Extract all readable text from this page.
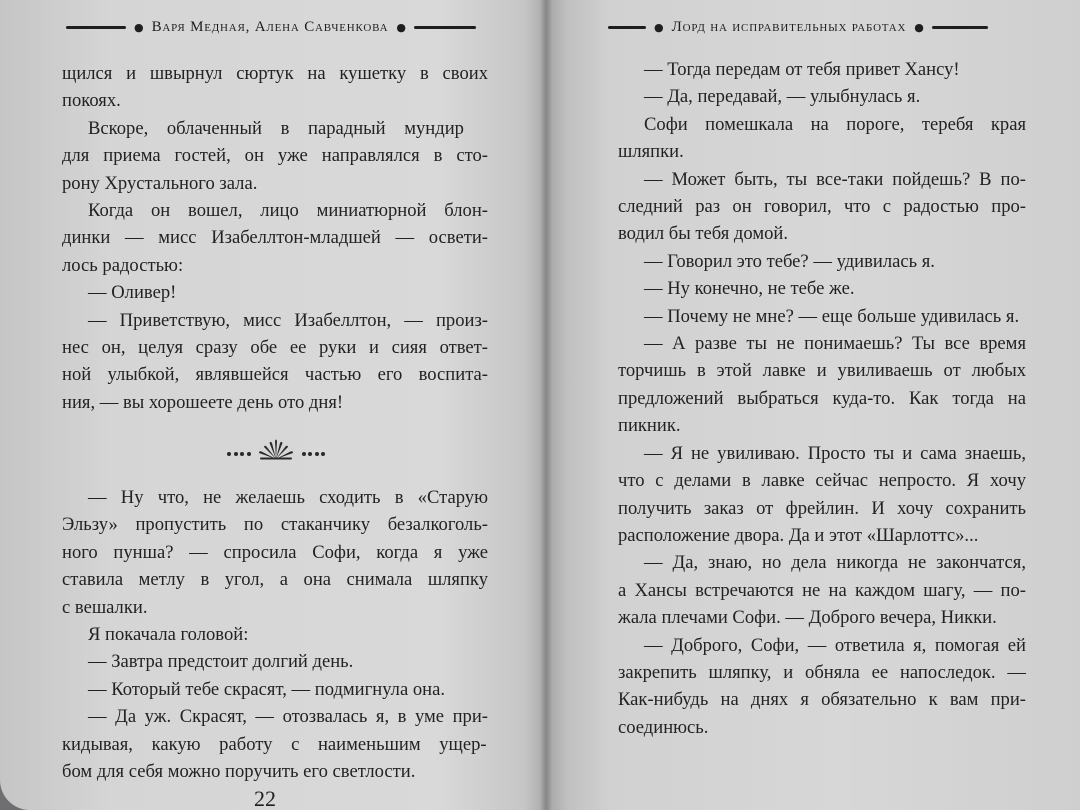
● Варя Медная, Алена Савченкова ●

щился и швырнул сюртук на кушетку в своих

покоях.

Вскоре, облаченный в парадный мундир

для приема гостей, он уже направлялся в сто-

рону Хрустального зала.

Когда он вошел, лицо миниатюрной блон-

динки — мисс Изабеллтон-младшей — освети-

лось радостью:

— Оливер!

— Приветствую, мисс Изабеллтон, — произ-

нес он, целуя сразу обе ее руки и сияя ответ-

ной улыбкой, являвшейся частью его воспита-

ния, — вы хорошеете день ото дня!

— Ну что, не желаешь сходить в «Старую

Эльзу» пропустить по стаканчику безалкоголь-

ного пунша? — спросила Софи, когда я уже

ставила метлу в угол, а она снимала шляпку

с вешалки.

Я покачала головой:

— Завтра предстоит долгий день.

— Который тебе скрасят, — подмигнула она.

— Да уж. Скрасят, — отозвалась я, в уме при-

кидывая, какую работу с наименьшим ущер-

бом для себя можно поручить его светлости.

22
● Лорд на исправительных работах ●

— Тогда передам от тебя привет Хансу!

— Да, передавай, — улыбнулась я.

Софи помешкала на пороге, теребя края

шляпки.

— Может быть, ты все-таки пойдешь? В по-

следний раз он говорил, что с радостью про-

водил бы тебя домой.

— Говорил это тебе? — удивилась я.

— Ну конечно, не тебе же.

— Почему не мне? — еще больше удивилась я.

— А разве ты не понимаешь? Ты все время

торчишь в этой лавке и увиливаешь от любых

предложений выбраться куда-то. Как тогда на

пикник.

— Я не увиливаю. Просто ты и сама знаешь,

что с делами в лавке сейчас непросто. Я хочу

получить заказ от фрейлин. И хочу сохранить

расположение двора. Да и этот «Шарлоттс»...

— Да, знаю, но дела никогда не закончатся,

а Хансы встречаются не на каждом шагу, — по-

жала плечами Софи. — Доброго вечера, Никки.

— Доброго, Софи, — ответила я, помогая ей

закрепить шляпку, и обняла ее напоследок. —

Как-нибудь на днях я обязательно к вам при-

соединюсь.
